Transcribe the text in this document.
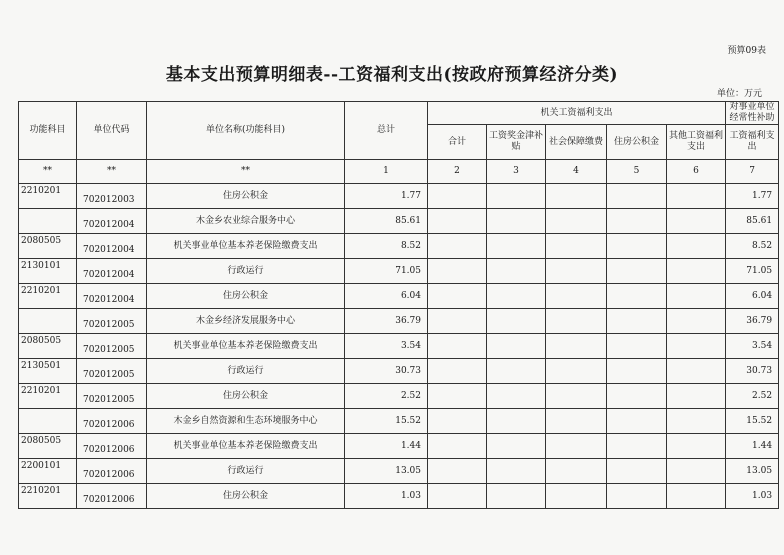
预算09表
基本支出预算明细表--工资福利支出(按政府预算经济分类)
单位：万元
功能科目	单位代码	单位名称(功能科目)	总计	机关工资福利支出					对事业单位经常性补助
				合计	工资奖金津补贴	社会保障缴费	住房公积金	其他工资福利支出	工资福利支出
**	**	**	1	2	3	4	5	6	7
2210201	702012003	住房公积金	1.77						1.77
	702012004	木金乡农业综合服务中心	85.61						85.61
2080505	702012004	机关事业单位基本养老保险缴费支出	8.52						8.52
2130101	702012004	行政运行	71.05						71.05
2210201	702012004	住房公积金	6.04						6.04
	702012005	木金乡经济发展服务中心	36.79						36.79
2080505	702012005	机关事业单位基本养老保险缴费支出	3.54						3.54
2130501	702012005	行政运行	30.73						30.73
2210201	702012005	住房公积金	2.52						2.52
	702012006	木金乡自然资源和生态环境服务中心	15.52						15.52
2080505	702012006	机关事业单位基本养老保险缴费支出	1.44						1.44
2200101	702012006	行政运行	13.05						13.05
2210201	702012006	住房公积金	1.03						1.03
